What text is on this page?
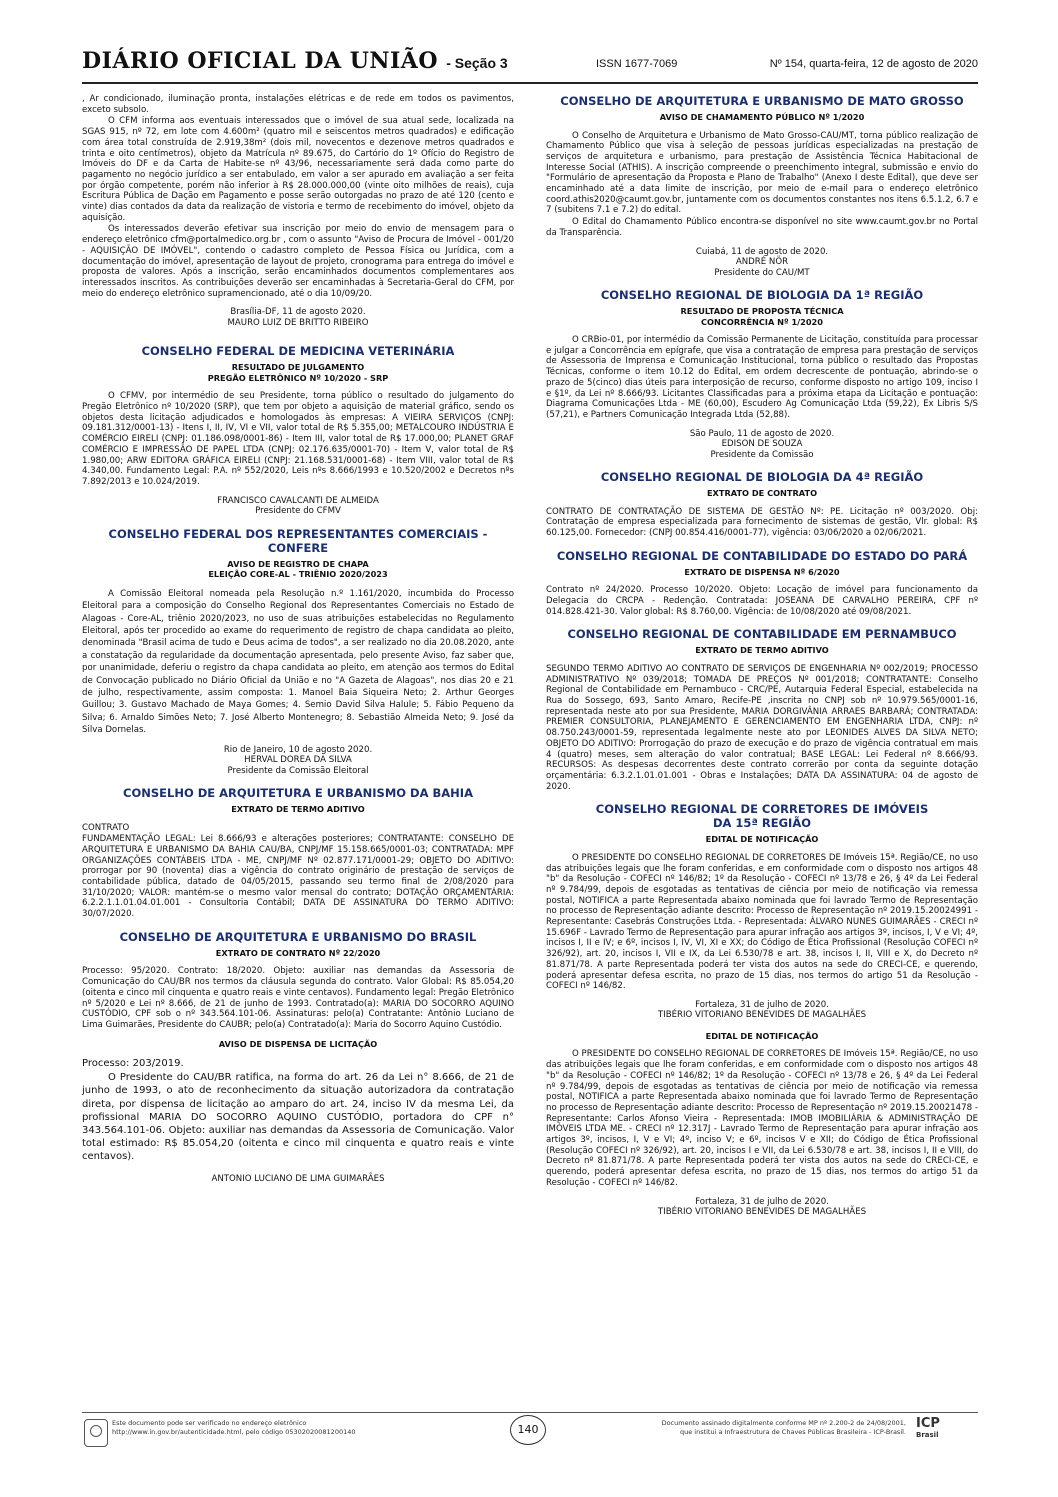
DIÁRIO OFICIAL DA UNIÃO - Seção 3	ISSN 1677-7069	Nº 154, quarta-feira, 12 de agosto de 2020

, Ar condicionado, iluminação pronta, instalações elétricas e de rede em todos os pavimentos, exceto subsolo.

O CFM informa aos eventuais interessados que o imóvel de sua atual sede, localizada na SGAS 915, nº 72, em lote com 4.600m² (quatro mil e seiscentos metros quadrados) e edificação com área total construída de 2.919,38m² (dois mil, novecentos e dezenove metros quadrados e trinta e oito centímetros), objeto da Matrícula nº 89.675, do Cartório do 1º Ofício do Registro de Imóveis do DF e da Carta de Habite-se nº 43/96, necessariamente será dada como parte do pagamento no negócio jurídico a ser entabulado, em valor a ser apurado em avaliação a ser feita por órgão competente, porém não inferior à R$ 28.000.000,00 (vinte oito milhões de reais), cuja Escritura Pública de Dação em Pagamento e posse serão outorgadas no prazo de até 120 (cento e vinte) dias contados da data da realização de vistoria e termo de recebimento do imóvel, objeto da aquisição.

Os interessados deverão efetivar sua inscrição por meio do envio de mensagem para o endereço eletrônico cfm@portalmedico.org.br , com o assunto "Aviso de Procura de Imóvel - 001/20 - AQUISIÇÃO DE IMÓVEL", contendo o cadastro completo de Pessoa Física ou Jurídica, com a documentação do imóvel, apresentação de layout de projeto, cronograma para entrega do imóvel e proposta de valores. Após a inscrição, serão encaminhados documentos complementares aos interessados inscritos. As contribuições deverão ser encaminhadas à Secretaria-Geral do CFM, por meio do endereço eletrônico supramencionado, até o dia 10/09/20.

Brasília-DF, 11 de agosto 2020.
MAURO LUIZ DE BRITTO RIBEIRO
CONSELHO FEDERAL DE MEDICINA VETERINÁRIA
RESULTADO DE JULGAMENTO
PREGÃO ELETRÔNICO Nº 10/2020 - SRP

O CFMV, por intermédio de seu Presidente, torna público o resultado do julgamento do Pregão Eletrônico nº 10/2020 (SRP), que tem por objeto a aquisição de material gráfico, sendo os objetos desta licitação adjudicados e homologados às empresas: A VIEIRA SERVIÇOS (CNPJ: 09.181.312/0001-13) - Itens I, II, IV, VI e VII, valor total de R$ 5.355,00; METALCOURO INDÚSTRIA E COMÉRCIO EIRELI (CNPJ: 01.186.098/0001-86) - Item III, valor total de R$ 17.000,00; PLANET GRAF COMÉRCIO E IMPRESSÃO DE PAPEL LTDA (CNPJ: 02.176.635/0001-70) - Item V, valor total de R$ 1.980,00; ARW EDITORA GRÁFICA EIRELI (CNPJ: 21.168.531/0001-68) - Item VIII, valor total de R$ 4.340,00. Fundamento Legal: P.A. nº 552/2020, Leis nºs 8.666/1993 e 10.520/2002 e Decretos nºs 7.892/2013 e 10.024/2019.

FRANCISCO CAVALCANTI DE ALMEIDA
Presidente do CFMV
CONSELHO FEDERAL DOS REPRESENTANTES COMERCIAIS - CONFERE
AVISO DE REGISTRO DE CHAPA
ELEIÇÃO CORE-AL - TRIÊNIO 2020/2023

A Comissão Eleitoral nomeada pela Resolução n.º 1.161/2020, incumbida do Processo Eleitoral para a composição do Conselho Regional dos Representantes Comerciais no Estado de Alagoas - Core-AL, triênio 2020/2023, no uso de suas atribuições estabelecidas no Regulamento Eleitoral, após ter procedido ao exame do requerimento de registro de chapa candidata ao pleito, denominada "Brasil acima de tudo e Deus acima de todos", a ser realizado no dia 20.08.2020, ante a constatação da regularidade da documentação apresentada, pelo presente Aviso, faz saber que, por unanimidade, deferiu o registro da chapa candidata ao pleito, em atenção aos termos do Edital de Convocação publicado no Diário Oficial da União e no "A Gazeta de Alagoas", nos dias 20 e 21 de julho, respectivamente, assim composta: 1. Manoel Baia Siqueira Neto; 2. Arthur Georges Guillou; 3. Gustavo Machado de Maya Gomes; 4. Semio David Silva Halule; 5. Fábio Pequeno da Silva; 6. Arnaldo Simões Neto; 7. José Alberto Montenegro; 8. Sebastião Almeida Neto; 9. José da Silva Dornelas.

Rio de Janeiro, 10 de agosto 2020.
HERVAL DOREA DA SILVA
Presidente da Comissão Eleitoral
CONSELHO DE ARQUITETURA E URBANISMO DA BAHIA
EXTRATO DE TERMO ADITIVO

CONTRATO

FUNDAMENTAÇÃO LEGAL: Lei 8.666/93 e alterações posteriores; CONTRATANTE: CONSELHO DE ARQUITETURA E URBANISMO DA BAHIA CAU/BA, CNPJ/MF 15.158.665/0001-03; CONTRATADA: MPF ORGANIZAÇÕES CONTÁBEIS LTDA - ME, CNPJ/MF Nº 02.877.171/0001-29; OBJETO DO ADITIVO: prorrogar por 90 (noventa) dias a vigência do contrato originário de prestação de serviços de contabilidade pública, datado de 04/05/2015, passando seu termo final de 2/08/2020 para 31/10/2020; VALOR: mantém-se o mesmo valor mensal do contrato; DOTAÇÃO ORÇAMENTÁRIA: 6.2.2.1.1.01.04.01.001 - Consultoria Contábil; DATA DE ASSINATURA DO TERMO ADITIVO: 30/07/2020.

CONSELHO DE ARQUITETURA E URBANISMO DO BRASIL
EXTRATO DE CONTRATO Nº 22/2020

Processo: 95/2020. Contrato: 18/2020. Objeto: auxiliar nas demandas da Assessoria de Comunicação do CAU/BR nos termos da cláusula segunda do contrato. Valor Global: R$ 85.054,20 (oitenta e cinco mil cinquenta e quatro reais e vinte centavos). Fundamento legal: Pregão Eletrônico nº 5/2020 e Lei nº 8.666, de 21 de junho de 1993. Contratado(a): MARIA DO SOCORRO AQUINO CUSTÓDIO, CPF sob o nº 343.564.101-06. Assinaturas: pelo(a) Contratante: Antônio Luciano de Lima Guimarães, Presidente do CAUBR; pelo(a) Contratado(a): Maria do Socorro Aquino Custódio.

AVISO DE DISPENSA DE LICITAÇÃO

Processo: 203/2019.

O Presidente do CAU/BR ratifica, na forma do art. 26 da Lei n° 8.666, de 21 de junho de 1993, o ato de reconhecimento da situação autorizadora da contratação direta, por dispensa de licitação ao amparo do art. 24, inciso IV da mesma Lei, da profissional MARIA DO SOCORRO AQUINO CUSTÓDIO, portadora do CPF n° 343.564.101-06. Objeto: auxiliar nas demandas da Assessoria de Comunicação. Valor total estimado: R$ 85.054,20 (oitenta e cinco mil cinquenta e quatro reais e vinte centavos).

ANTONIO LUCIANO DE LIMA GUIMARÃES
CONSELHO DE ARQUITETURA E URBANISMO DE MATO GROSSO
AVISO DE CHAMAMENTO PÚBLICO Nº 1/2020

O Conselho de Arquitetura e Urbanismo de Mato Grosso-CAU/MT, torna público realização de Chamamento Público que visa à seleção de pessoas jurídicas especializadas na prestação de serviços de arquitetura e urbanismo, para prestação de Assistência Técnica Habitacional de Interesse Social (ATHIS). A inscrição compreende o preenchimento integral, submissão e envio do "Formulário de apresentação da Proposta e Plano de Trabalho" (Anexo I deste Edital), que deve ser encaminhado até a data limite de inscrição, por meio de e-mail para o endereço eletrônico coord.athis2020@caumt.gov.br, juntamente com os documentos constantes nos itens 6.5.1.2, 6.7 e 7 (subitens 7.1 e 7.2) do edital.

O Edital do Chamamento Público encontra-se disponível no site www.caumt.gov.br no Portal da Transparência.

Cuiabá, 11 de agosto de 2020.
ANDRÉ NÖR
Presidente do CAU/MT
CONSELHO REGIONAL DE BIOLOGIA DA 1ª REGIÃO
RESULTADO DE PROPOSTA TÉCNICA
CONCORRÊNCIA Nº 1/2020

O CRBio-01, por intermédio da Comissão Permanente de Licitação, constituída para processar e julgar a Concorrência em epígrafe, que visa a contratação de empresa para prestação de serviços de Assessoria de Imprensa e Comunicação Institucional, torna público o resultado das Propostas Técnicas, conforme o item 10.12 do Edital, em ordem decrescente de pontuação, abrindo-se o prazo de 5(cinco) dias úteis para interposição de recurso, conforme disposto no artigo 109, inciso I e §1º, da Lei nº 8.666/93. Licitantes Classificadas para a próxima etapa da Licitação e pontuação: Diagrama Comunicações Ltda - ME (60,00), Escudero Ag Comunicação Ltda (59,22), Ex Libris S/S (57,21), e Partners Comunicação Integrada Ltda (52,88).

São Paulo, 11 de agosto de 2020.
EDISON DE SOUZA
Presidente da Comissão
CONSELHO REGIONAL DE BIOLOGIA DA 4ª REGIÃO
EXTRATO DE CONTRATO

CONTRATO DE CONTRATAÇÃO DE SISTEMA DE GESTÃO Nº: PE. Licitação nº 003/2020. Obj: Contratação de empresa especializada para fornecimento de sistemas de gestão, Vlr. global: R$ 60.125,00. Fornecedor: (CNPJ 00.854.416/0001-77), vigência: 03/06/2020 a 02/06/2021.

CONSELHO REGIONAL DE CONTABILIDADE DO ESTADO DO PARÁ
EXTRATO DE DISPENSA Nº 6/2020

Contrato nº 24/2020. Processo 10/2020. Objeto: Locação de imóvel para funcionamento da Delegacia do CRCPA - Redenção. Contratada: JOSEANA DE CARVALHO PEREIRA, CPF nº 014.828.421-30. Valor global: R$ 8.760,00. Vigência: de 10/08/2020 até 09/08/2021.

CONSELHO REGIONAL DE CONTABILIDADE EM PERNAMBUCO
EXTRATO DE TERMO ADITIVO

SEGUNDO TERMO ADITIVO AO CONTRATO DE SERVIÇOS DE ENGENHARIA Nº 002/2019; PROCESSO ADMINISTRATIVO Nº 039/2018; TOMADA DE PREÇOS Nº 001/2018; CONTRATANTE: Conselho Regional de Contabilidade em Pernambuco - CRC/PE, Autarquia Federal Especial, estabelecida na Rua do Sossego, 693, Santo Amaro, Recife-PE ,inscrita no CNPJ sob nº 10.979.565/0001-16, representada neste ato por sua Presidente, MARIA DORGIVÂNIA ARRAES BARBARÁ; CONTRATADA: PREMIER CONSULTORIA, PLANEJAMENTO E GERENCIAMENTO EM ENGENHARIA LTDA, CNPJ: nº 08.750.243/0001-59, representada legalmente neste ato por LEONIDES ALVES DA SILVA NETO; OBJETO DO ADITIVO: Prorrogação do prazo de execução e do prazo de vigência contratual em mais 4 (quatro) meses, sem alteração do valor contratual; BASE LEGAL: Lei Federal nº 8.666/93. RECURSOS: As despesas decorrentes deste contrato correrão por conta da seguinte dotação orçamentária: 6.3.2.1.01.01.001 - Obras e Instalações; DATA DA ASSINATURA: 04 de agosto de 2020.

CONSELHO REGIONAL DE CORRETORES DE IMÓVEIS
DA 15ª REGIÃO
EDITAL DE NOTIFICAÇÃO

O PRESIDENTE DO CONSELHO REGIONAL DE CORRETORES DE Imóveis 15ª. Região/CE, no uso das atribuições legais que lhe foram conferidas, e em conformidade com o disposto nos artigos 48 "b" da Resolução - COFECI nº 146/82; 1º da Resolução - COFECI nº 13/78 e 26, § 4º da Lei Federal nº 9.784/99, depois de esgotadas as tentativas de ciência por meio de notificação via remessa postal, NOTIFICA a parte Representada abaixo nominada que foi lavrado Termo de Representação no processo de Representação adiante descrito: Processo de Representação nº 2019.15.20024991 - Representante: Casebrás Construções Ltda. - Representada: ÁLVARO NUNES GUIMARÃES - CRECI nº 15.696F - Lavrado Termo de Representação para apurar infração aos artigos 3º, incisos, I, V e VI; 4º, incisos I, II e IV; e 6º, incisos I, IV, VI, XI e XX; do Código de Ética Profissional (Resolução COFECI nº 326/92), art. 20, incisos I, VII e IX, da Lei 6.530/78 e art. 38, incisos I, II, VIII e X, do Decreto nº 81.871/78. A parte Representada poderá ter vista dos autos na sede do CRECI-CE, e querendo, poderá apresentar defesa escrita, no prazo de 15 dias, nos termos do artigo 51 da Resolução - COFECI nº 146/82.

Fortaleza, 31 de julho de 2020.
TIBÉRIO VITORIANO BENEVIDES DE MAGALHÃES
EDITAL DE NOTIFICAÇÃO

O PRESIDENTE DO CONSELHO REGIONAL DE CORRETORES DE Imóveis 15ª. Região/CE, no uso das atribuições legais que lhe foram conferidas, e em conformidade com o disposto nos artigos 48 "b" da Resolução - COFECI nº 146/82; 1º da Resolução - COFECI nº 13/78 e 26, § 4º da Lei Federal nº 9.784/99, depois de esgotadas as tentativas de ciência por meio de notificação via remessa postal, NOTIFICA a parte Representada abaixo nominada que foi lavrado Termo de Representação no processo de Representação adiante descrito: Processo de Representação nº 2019.15.20021478 - Representante: Carlos Afonso Vieira - Representada: IMOB IMOBILIÁRIA & ADMINISTRAÇÃO DE IMÓVEIS LTDA ME. - CRECI nº 12.317J - Lavrado Termo de Representação para apurar infração aos artigos 3º, incisos, I, V e VI; 4º, inciso V; e 6º, incisos V e XII; do Código de Ética Profissional (Resolução COFECI nº 326/92), art. 20, incisos I e VII, da Lei 6.530/78 e art. 38, incisos I, II e VIII, do Decreto nº 81.871/78. A parte Representada poderá ter vista dos autos na sede do CRECI-CE, e querendo, poderá apresentar defesa escrita, no prazo de 15 dias, nos termos do artigo 51 da Resolução - COFECI nº 146/82.

Fortaleza, 31 de julho de 2020.
TIBÉRIO VITORIANO BENEVIDES DE MAGALHÃES
Este documento pode ser verificado no endereço eletrônico
http://www.in.gov.br/autenticidade.html, pelo código 05302020081200140	140	Documento assinado digitalmente conforme MP nº 2.200-2 de 24/08/2001,
que institui a Infraestrutura de Chaves Públicas Brasileira - ICP-Brasil.
ICP
Brasil
